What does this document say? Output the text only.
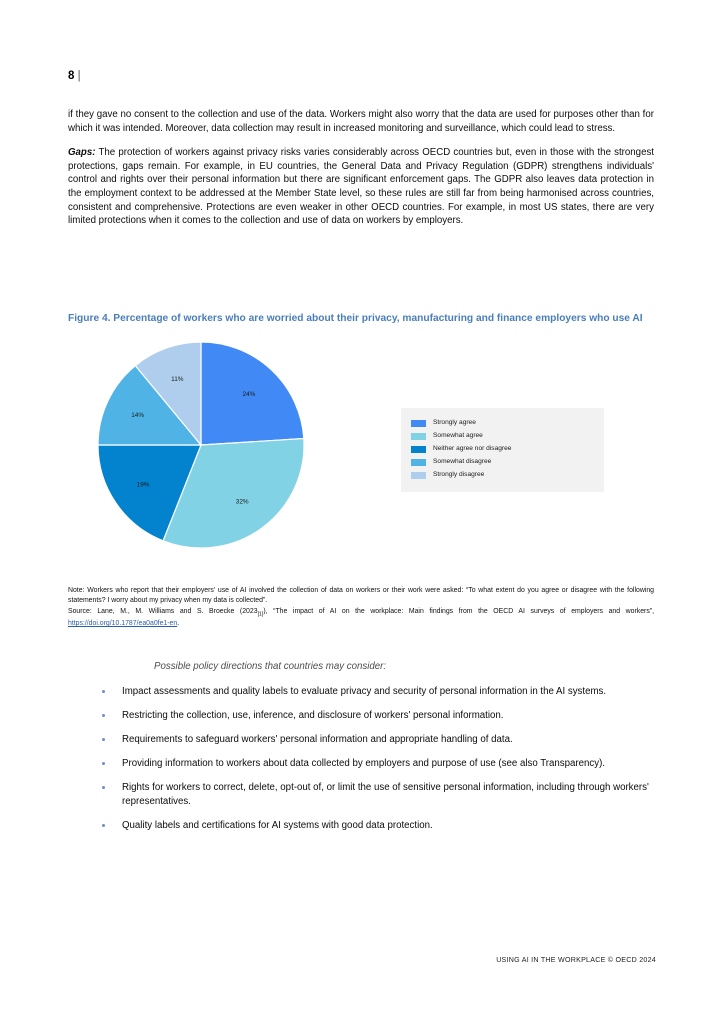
8 |

if they gave no consent to the collection and use of the data. Workers might also worry that the data are used for purposes other than for which it was intended. Moreover, data collection may result in increased monitoring and surveillance, which could lead to stress.

Gaps: The protection of workers against privacy risks varies considerably across OECD countries but, even in those with the strongest protections, gaps remain. For example, in EU countries, the General Data and Privacy Regulation (GDPR) strengthens individuals' control and rights over their personal information but there are significant enforcement gaps. The GDPR also leaves data protection in the employment context to be addressed at the Member State level, so these rules are still far from being harmonised across countries, consistent and comprehensive. Protections are even weaker in other OECD countries. For example, in most US states, there are very limited protections when it comes to the collection and use of data on workers by employers.

Figure 4. Percentage of workers who are worried about their privacy, manufacturing and finance employers who use AI
24%
32%
19%
14%
11%
Strongly agree
Somewhat agree
Neither agree nor disagree
Somewhat disagree
Strongly disagree

Note: Workers who report that their employers' use of AI involved the collection of data on workers or their work were asked: “To what extent do you agree or disagree with the following statements? I worry about my privacy when my data is collected”.

Source: Lane, M., M. Williams and S. Broecke $(2023_{[1]})$, “The impact of AI on the workplace: Main findings from the OECD AI surveys of employers and workers”, https://doi.org/10.1787/ea0a0fe1-en.

Possible policy directions that countries may consider:
Impact assessments and quality labels to evaluate privacy and security of personal information in the AI systems.
Restricting the collection, use, inference, and disclosure of workers' personal information.
Requirements to safeguard workers' personal information and appropriate handling of data.
Providing information to workers about data collected by employers and purpose of use (see also Transparency).
Rights for workers to correct, delete, opt-out of, or limit the use of sensitive personal information, including through workers' representatives.
Quality labels and certifications for AI systems with good data protection.
USING AI IN THE WORKPLACE © OECD 2024
